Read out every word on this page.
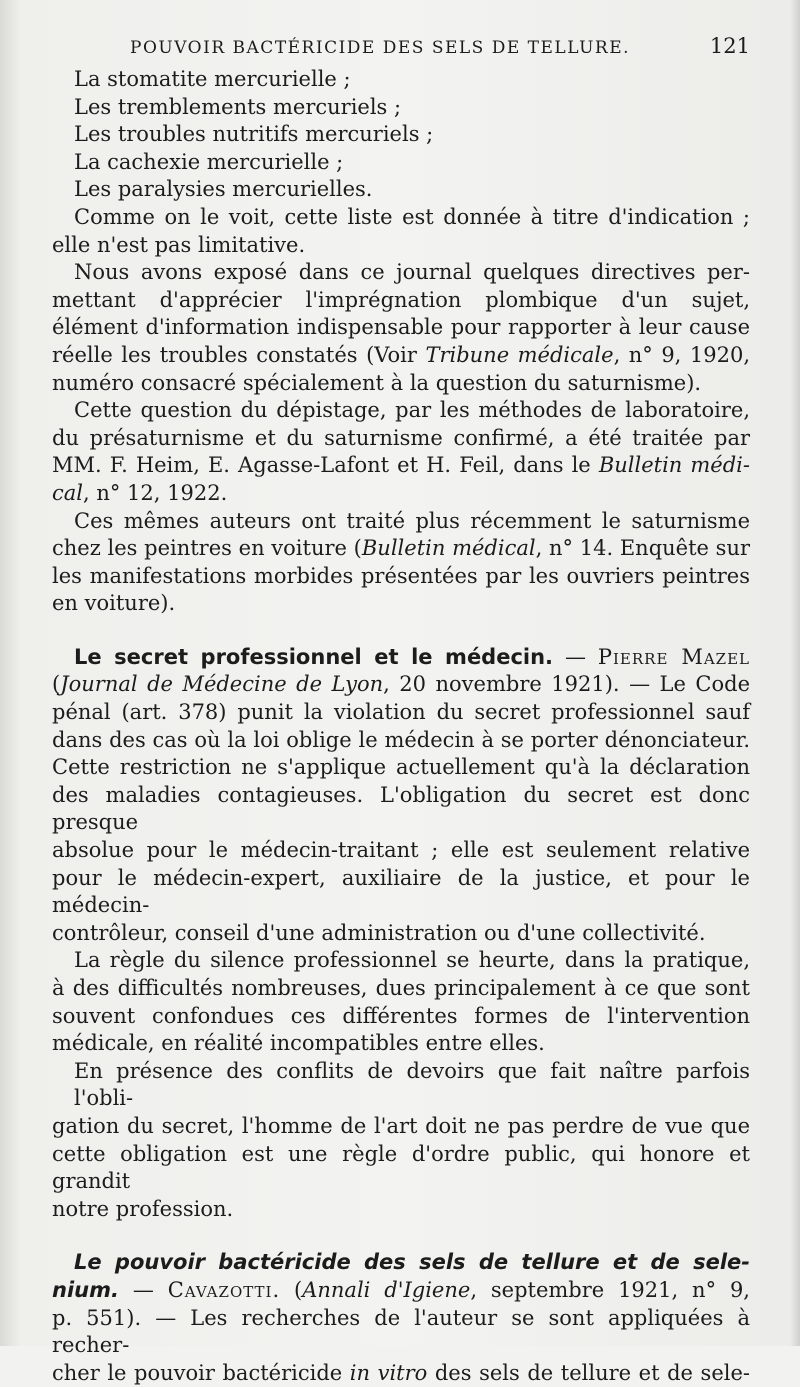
POUVOIR BACTÉRICIDE DES SELS DE TELLURE.	121
La stomatite mercurielle ;
Les tremblements mercuriels ;
Les troubles nutritifs mercuriels ;
La cachexie mercurielle ;
Les paralysies mercurielles.
Comme on le voit, cette liste est donnée à titre d'indication ;
elle n'est pas limitative.
Nous avons exposé dans ce journal quelques directives per-
mettant d'apprécier l'imprégnation plombique d'un sujet,
élément d'information indispensable pour rapporter à leur cause
réelle les troubles constatés (Voir Tribune médicale, n° 9, 1920,
numéro consacré spécialement à la question du saturnisme).
Cette question du dépistage, par les méthodes de laboratoire,
du présaturnisme et du saturnisme confirmé, a été traitée par
MM. F. Heim, E. Agasse-Lafont et H. Feil, dans le Bulletin médi-
cal, n° 12, 1922.
Ces mêmes auteurs ont traité plus récemment le saturnisme
chez les peintres en voiture (Bulletin médical, n° 14. Enquête sur
les manifestations morbides présentées par les ouvriers peintres
en voiture).
Le secret professionnel et le médecin. — Pierre Mazel
(Journal de Médecine de Lyon, 20 novembre 1921). — Le Code
pénal (art. 378) punit la violation du secret professionnel sauf
dans des cas où la loi oblige le médecin à se porter dénonciateur.
Cette restriction ne s'applique actuellement qu'à la déclaration
des maladies contagieuses. L'obligation du secret est donc presque
absolue pour le médecin-traitant ; elle est seulement relative
pour le médecin-expert, auxiliaire de la justice, et pour le médecin-
contrôleur, conseil d'une administration ou d'une collectivité.
La règle du silence professionnel se heurte, dans la pratique,
à des difficultés nombreuses, dues principalement à ce que sont
souvent confondues ces différentes formes de l'intervention
médicale, en réalité incompatibles entre elles.
En présence des conflits de devoirs que fait naître parfois l'obli-
gation du secret, l'homme de l'art doit ne pas perdre de vue que
cette obligation est une règle d'ordre public, qui honore et grandit
notre profession.
Le pouvoir bactéricide des sels de tellure et de sele-
nium. — Cavazotti. (Annali d'Igiene, septembre 1921, n° 9,
p. 551). — Les recherches de l'auteur se sont appliquées à recher-
cher le pouvoir bactéricide in vitro des sels de tellure et de sele-
